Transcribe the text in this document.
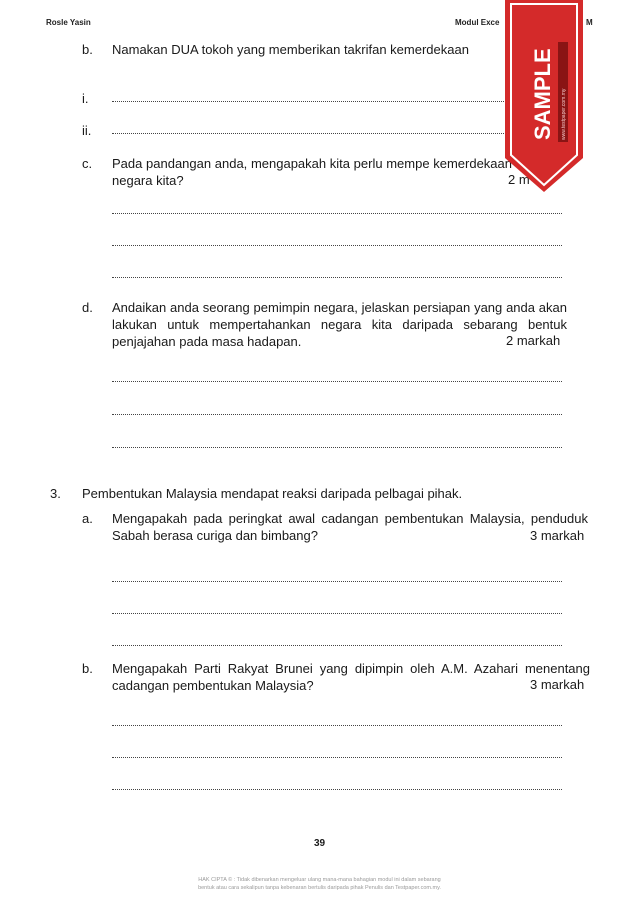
Rosle Yasin	Modul Exce	M
b. Namakan DUA tokoh yang memberikan takrifan kemerdekaan
i.
ii.
c. Pada pandangan anda, mengapakah kita perlu mempe kemerdekaan negara kita?	2 m
d. Andaikan anda seorang pemimpin negara, jelaskan persiapan yang anda akan lakukan untuk mempertahankan negara kita daripada sebarang bentuk penjajahan pada masa hadapan.	2 markah
3. Pembentukan Malaysia mendapat reaksi daripada pelbagai pihak.
a. Mengapakah pada peringkat awal cadangan pembentukan Malaysia, penduduk Sabah berasa curiga dan bimbang?	3 markah
b. Mengapakah Parti Rakyat Brunei yang dipimpin oleh A.M. Azahari menentang cadangan pembentukan Malaysia?	3 markah
39
HAK CIPTA © : Tidak dibenarkan mengeluar ulang mana-mana bahagian modul ini dalam sebarang
bentuk atau cara sekalipun tanpa kebenaran bertulis daripada pihak Penulis dan Testpaper.com.my.
SAMPLE www.testpaper.com.my
